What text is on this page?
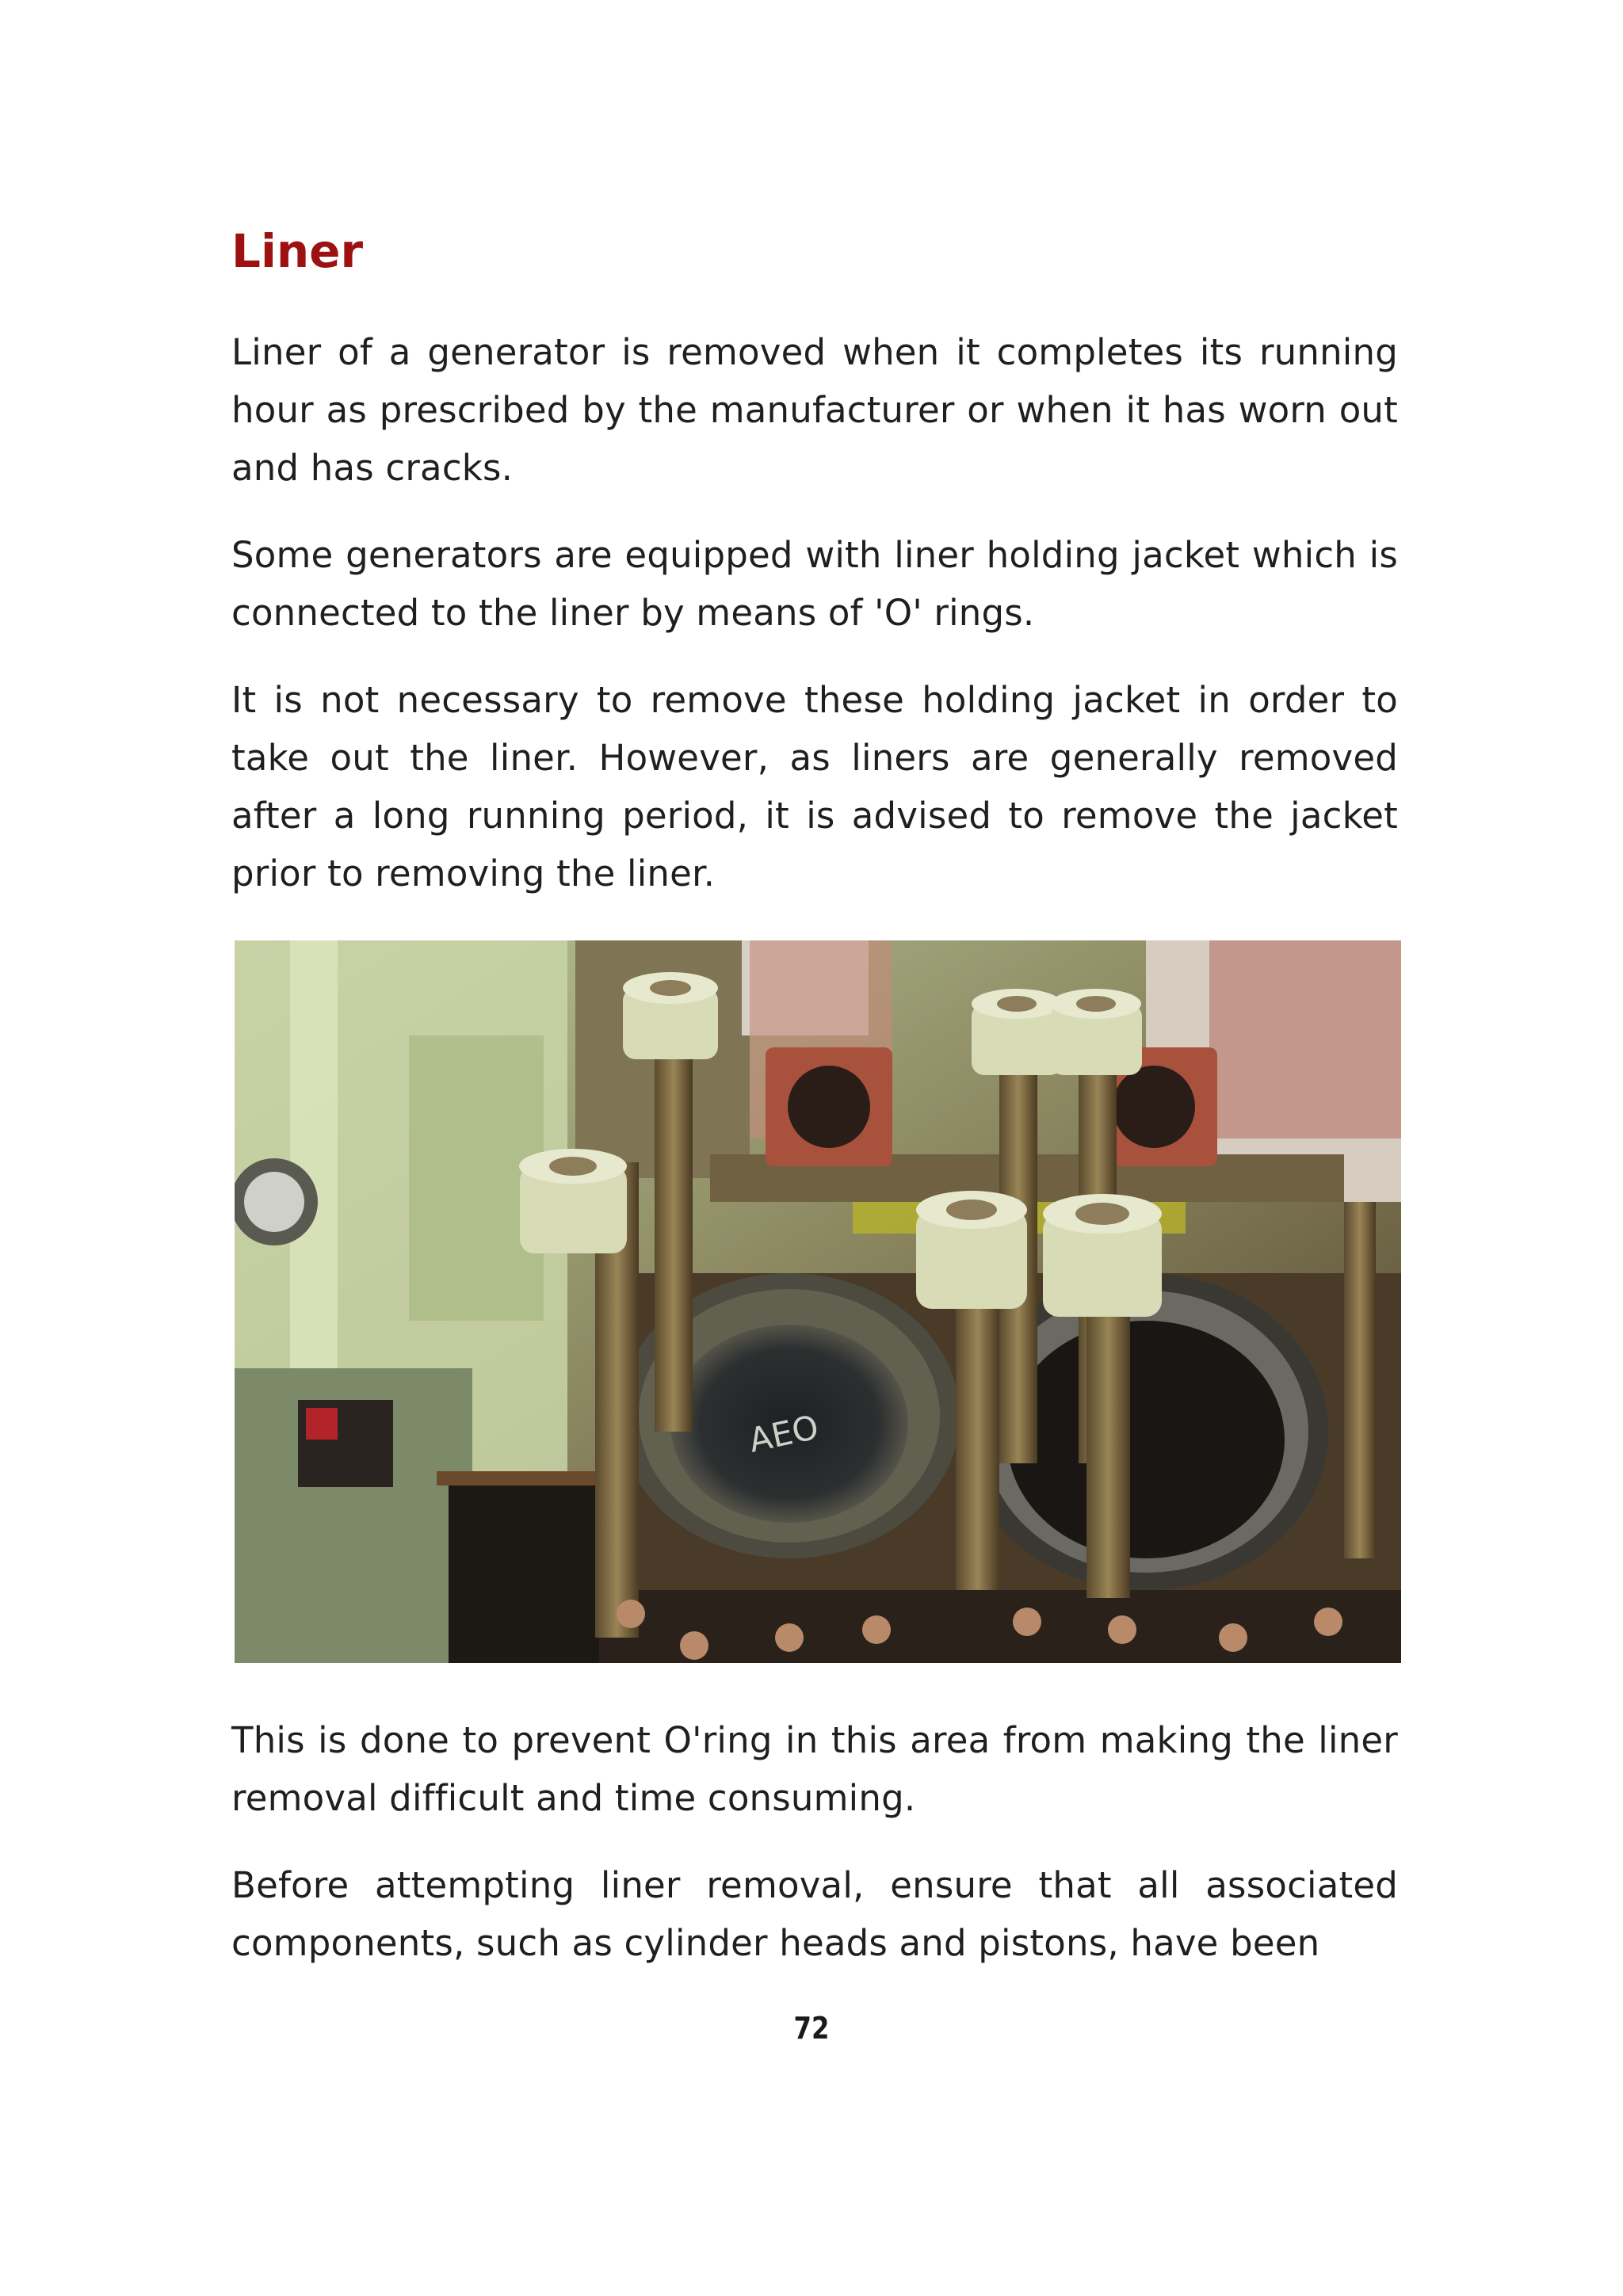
Liner

Liner of a generator is removed when it completes its running hour as prescribed by the manufacturer or when it has worn out and has cracks.

Some generators are equipped with liner holding jacket which is connected to the liner by means of 'O' rings.

It is not necessary to remove these holding jacket in order to take out the liner. However, as liners are generally removed after a long running period, it is advised to remove the jacket prior to removing the liner.

AEO

This is done to prevent O'ring in this area from making the liner removal difficult and time consuming.

Before attempting liner removal, ensure that all associated components, such as cylinder heads and pistons, have been

72
